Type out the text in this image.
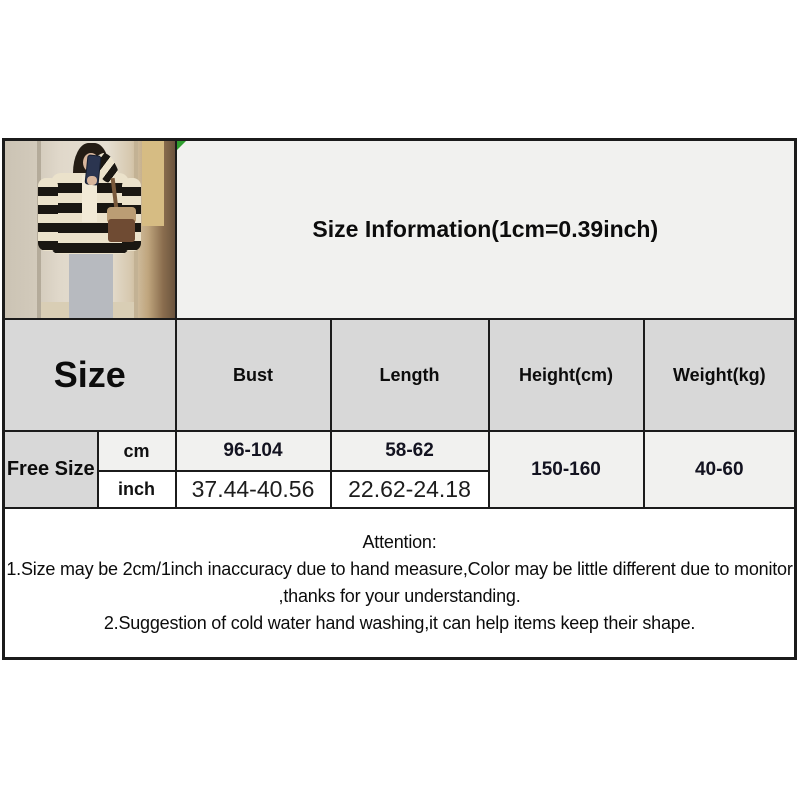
		Size Information(1cm=0.39inch)			

Size		Bust	Length	Height(cm)	Weight(kg)
Free Size	cm	96-104	58-62	150-160	40-60
	inch	37.44-40.56	22.62-24.18		

Attention:
1.Size may be 2cm/1inch inaccuracy due to hand measure,Color may be little different due to monitor ,thanks for your understanding.
2.Suggestion of cold water hand washing,it can help items keep their shape.					
